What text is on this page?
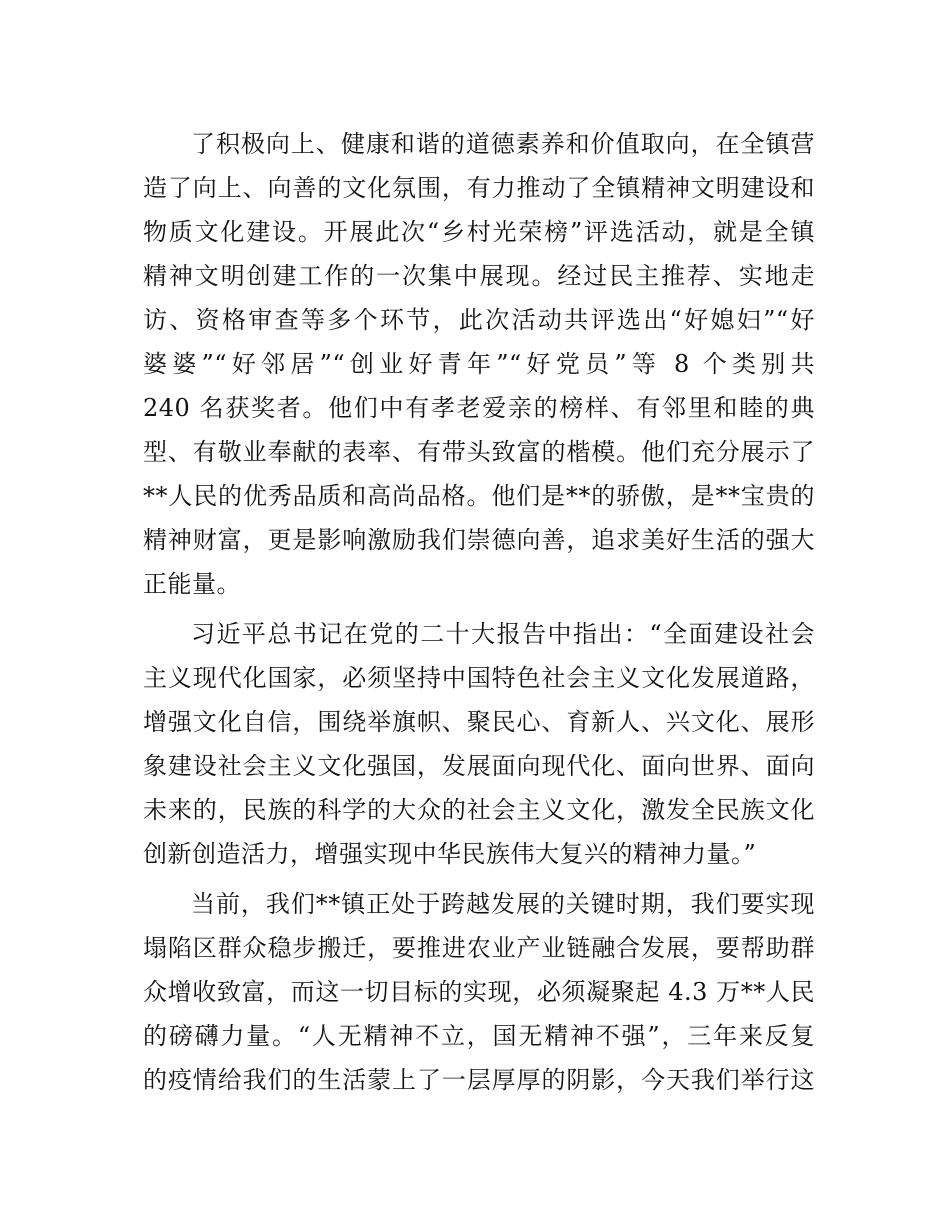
了积极向上、健康和谐的道德素养和价值取向，在全镇营
造了向上、向善的文化氛围，有力推动了全镇精神文明建设和
物质文化建设。开展此次“乡村光荣榜”评选活动，就是全镇
精神文明创建工作的一次集中展现。经过民主推荐、实地走
访、资格审查等多个环节，此次活动共评选出“好媳妇”“好
婆婆”“好邻居”“创业好青年”“好党员”等 8 个类别共
240 名获奖者。他们中有孝老爱亲的榜样、有邻里和睦的典
型、有敬业奉献的表率、有带头致富的楷模。他们充分展示了
**人民的优秀品质和高尚品格。他们是**的骄傲，是**宝贵的
精神财富，更是影响激励我们崇德向善，追求美好生活的强大
正能量。
习近平总书记在党的二十大报告中指出：“全面建设社会
主义现代化国家，必须坚持中国特色社会主义文化发展道路，
增强文化自信，围绕举旗帜、聚民心、育新人、兴文化、展形
象建设社会主义文化强国，发展面向现代化、面向世界、面向
未来的，民族的科学的大众的社会主义文化，激发全民族文化
创新创造活力，增强实现中华民族伟大复兴的精神力量。”
当前，我们**镇正处于跨越发展的关键时期，我们要实现
塌陷区群众稳步搬迁，要推进农业产业链融合发展，要帮助群
众增收致富，而这一切目标的实现，必须凝聚起 4.3 万**人民
的磅礴力量。“人无精神不立，国无精神不强”，三年来反复
的疫情给我们的生活蒙上了一层厚厚的阴影，今天我们举行这
